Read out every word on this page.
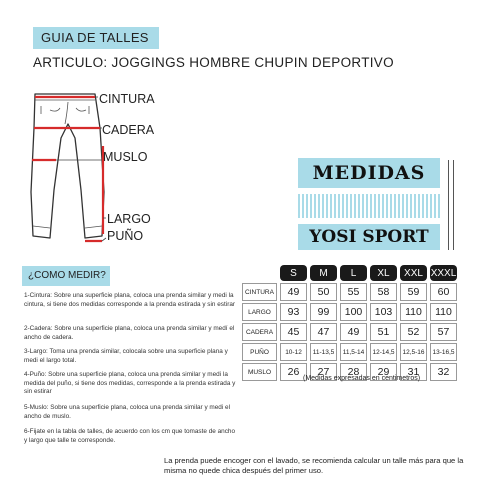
GUIA DE TALLES
ARTICULO: JOGGINGS HOMBRE CHUPIN DEPORTIVO
CINTURA
CADERA
MUSLO
LARGO
PUÑO
MEDIDAS
YOSI SPORT
¿COMO MEDIR?
1-Cintura: Sobre una superficie plana, coloca una prenda similar y medi la cintura, si tiene dos medidas corresponde a la prenda estirada y sin estirar
2-Cadera: Sobre una superficie plana, coloca una prenda similar y medí el ancho de cadera.
3-Largo: Toma una prenda similar, colocala sobre una superficie plana y medi el largo total.
4-Puño: Sobre una superficie plana, coloca una prenda similar y medi la medida del puño, si tiene dos medidas, corresponde a la prenda estirada y sin estirar
5-Muslo: Sobre una superficie plana, coloca una prenda similar y medi el ancho de muslo.
6-Fijate en la tabla de talles, de acuerdo con los cm que tomaste de ancho y largo que talle te corresponde.
	S	M	L	XL	XXL	XXXL
CINTURA	49	50	55	58	59	60
LARGO	93	99	100	103	110	110
CADERA	45	47	49	51	52	57
PUÑO	10-12	11-13,5	11,5-14	12-14,5	12,5-16	13-16,5
MUSLO	26	27	28	29	31	32
(Medidas expresadas en centimetros)
La prenda puede encoger con el lavado, se recomienda calcular un talle más para que la misma no quede chica después del primer uso.
